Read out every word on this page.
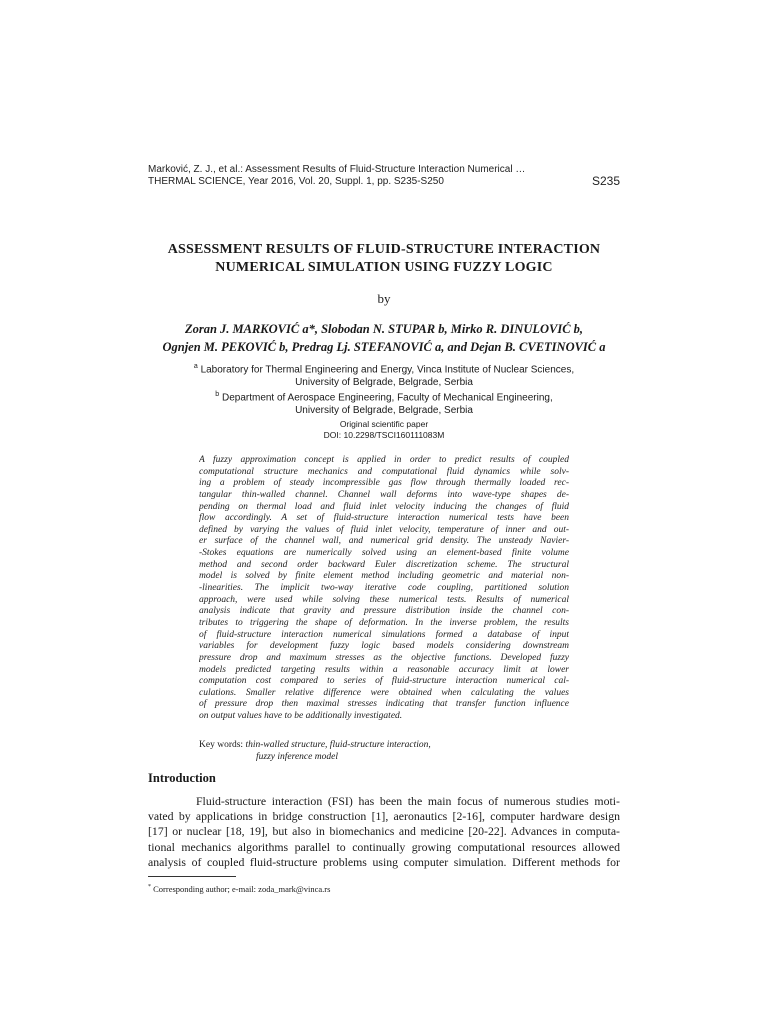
Marković, Z. J., et al.: Assessment Results of Fluid-Structure Interaction Numerical …
THERMAL SCIENCE, Year 2016, Vol. 20, Suppl. 1, pp. S235-S250	S235
ASSESSMENT RESULTS OF FLUID-STRUCTURE INTERACTION
NUMERICAL SIMULATION USING FUZZY LOGIC
by
Zoran J. MARKOVIĆ a*, Slobodan N. STUPAR b, Mirko R. DINULOVIĆ b,
Ognjen M. PEKOVIĆ b, Predrag Lj. STEFANOVIĆ a, and Dejan B. CVETINOVIĆ a
$^a$ Laboratory for Thermal Engineering and Energy, Vinca Institute of Nuclear Sciences,
University of Belgrade, Belgrade, Serbia
$^b$ Department of Aerospace Engineering, Faculty of Mechanical Engineering,
University of Belgrade, Belgrade, Serbia
Original scientific paper
DOI: 10.2298/TSCI160111083M
A fuzzy approximation concept is applied in order to predict results of coupled
computational structure mechanics and computational fluid dynamics while solv-
ing a problem of steady incompressible gas flow through thermally loaded rec-
tangular thin-walled channel. Channel wall deforms into wave-type shapes de-
pending on thermal load and fluid inlet velocity inducing the changes of fluid
flow accordingly. A set of fluid-structure interaction numerical tests have been
defined by varying the values of fluid inlet velocity, temperature of inner and out-
er surface of the channel wall, and numerical grid density. The unsteady Navier-
-Stokes equations are numerically solved using an element-based finite volume
method and second order backward Euler discretization scheme. The structural
model is solved by finite element method including geometric and material non-
-linearities. The implicit two-way iterative code coupling, partitioned solution
approach, were used while solving these numerical tests. Results of numerical
analysis indicate that gravity and pressure distribution inside the channel con-
tributes to triggering the shape of deformation. In the inverse problem, the results
of fluid-structure interaction numerical simulations formed a database of input
variables for development fuzzy logic based models considering downstream
pressure drop and maximum stresses as the objective functions. Developed fuzzy
models predicted targeting results within a reasonable accuracy limit at lower
computation cost compared to series of fluid-structure interaction numerical cal-
culations. Smaller relative difference were obtained when calculating the values
of pressure drop then maximal stresses indicating that transfer function influence
on output values have to be additionally investigated.
Key words: thin-walled structure, fluid-structure interaction,
fuzzy inference model
Introduction
Fluid-structure interaction (FSI) has been the main focus of numerous studies moti-
vated by applications in bridge construction [1], aeronautics [2-16], computer hardware design
[17] or nuclear [18, 19], but also in biomechanics and medicine [20-22]. Advances in computa-
tional mechanics algorithms parallel to continually growing computational resources allowed
analysis of coupled fluid-structure problems using computer simulation. Different methods for
* Corresponding author; e-mail: zoda_mark@vinca.rs
